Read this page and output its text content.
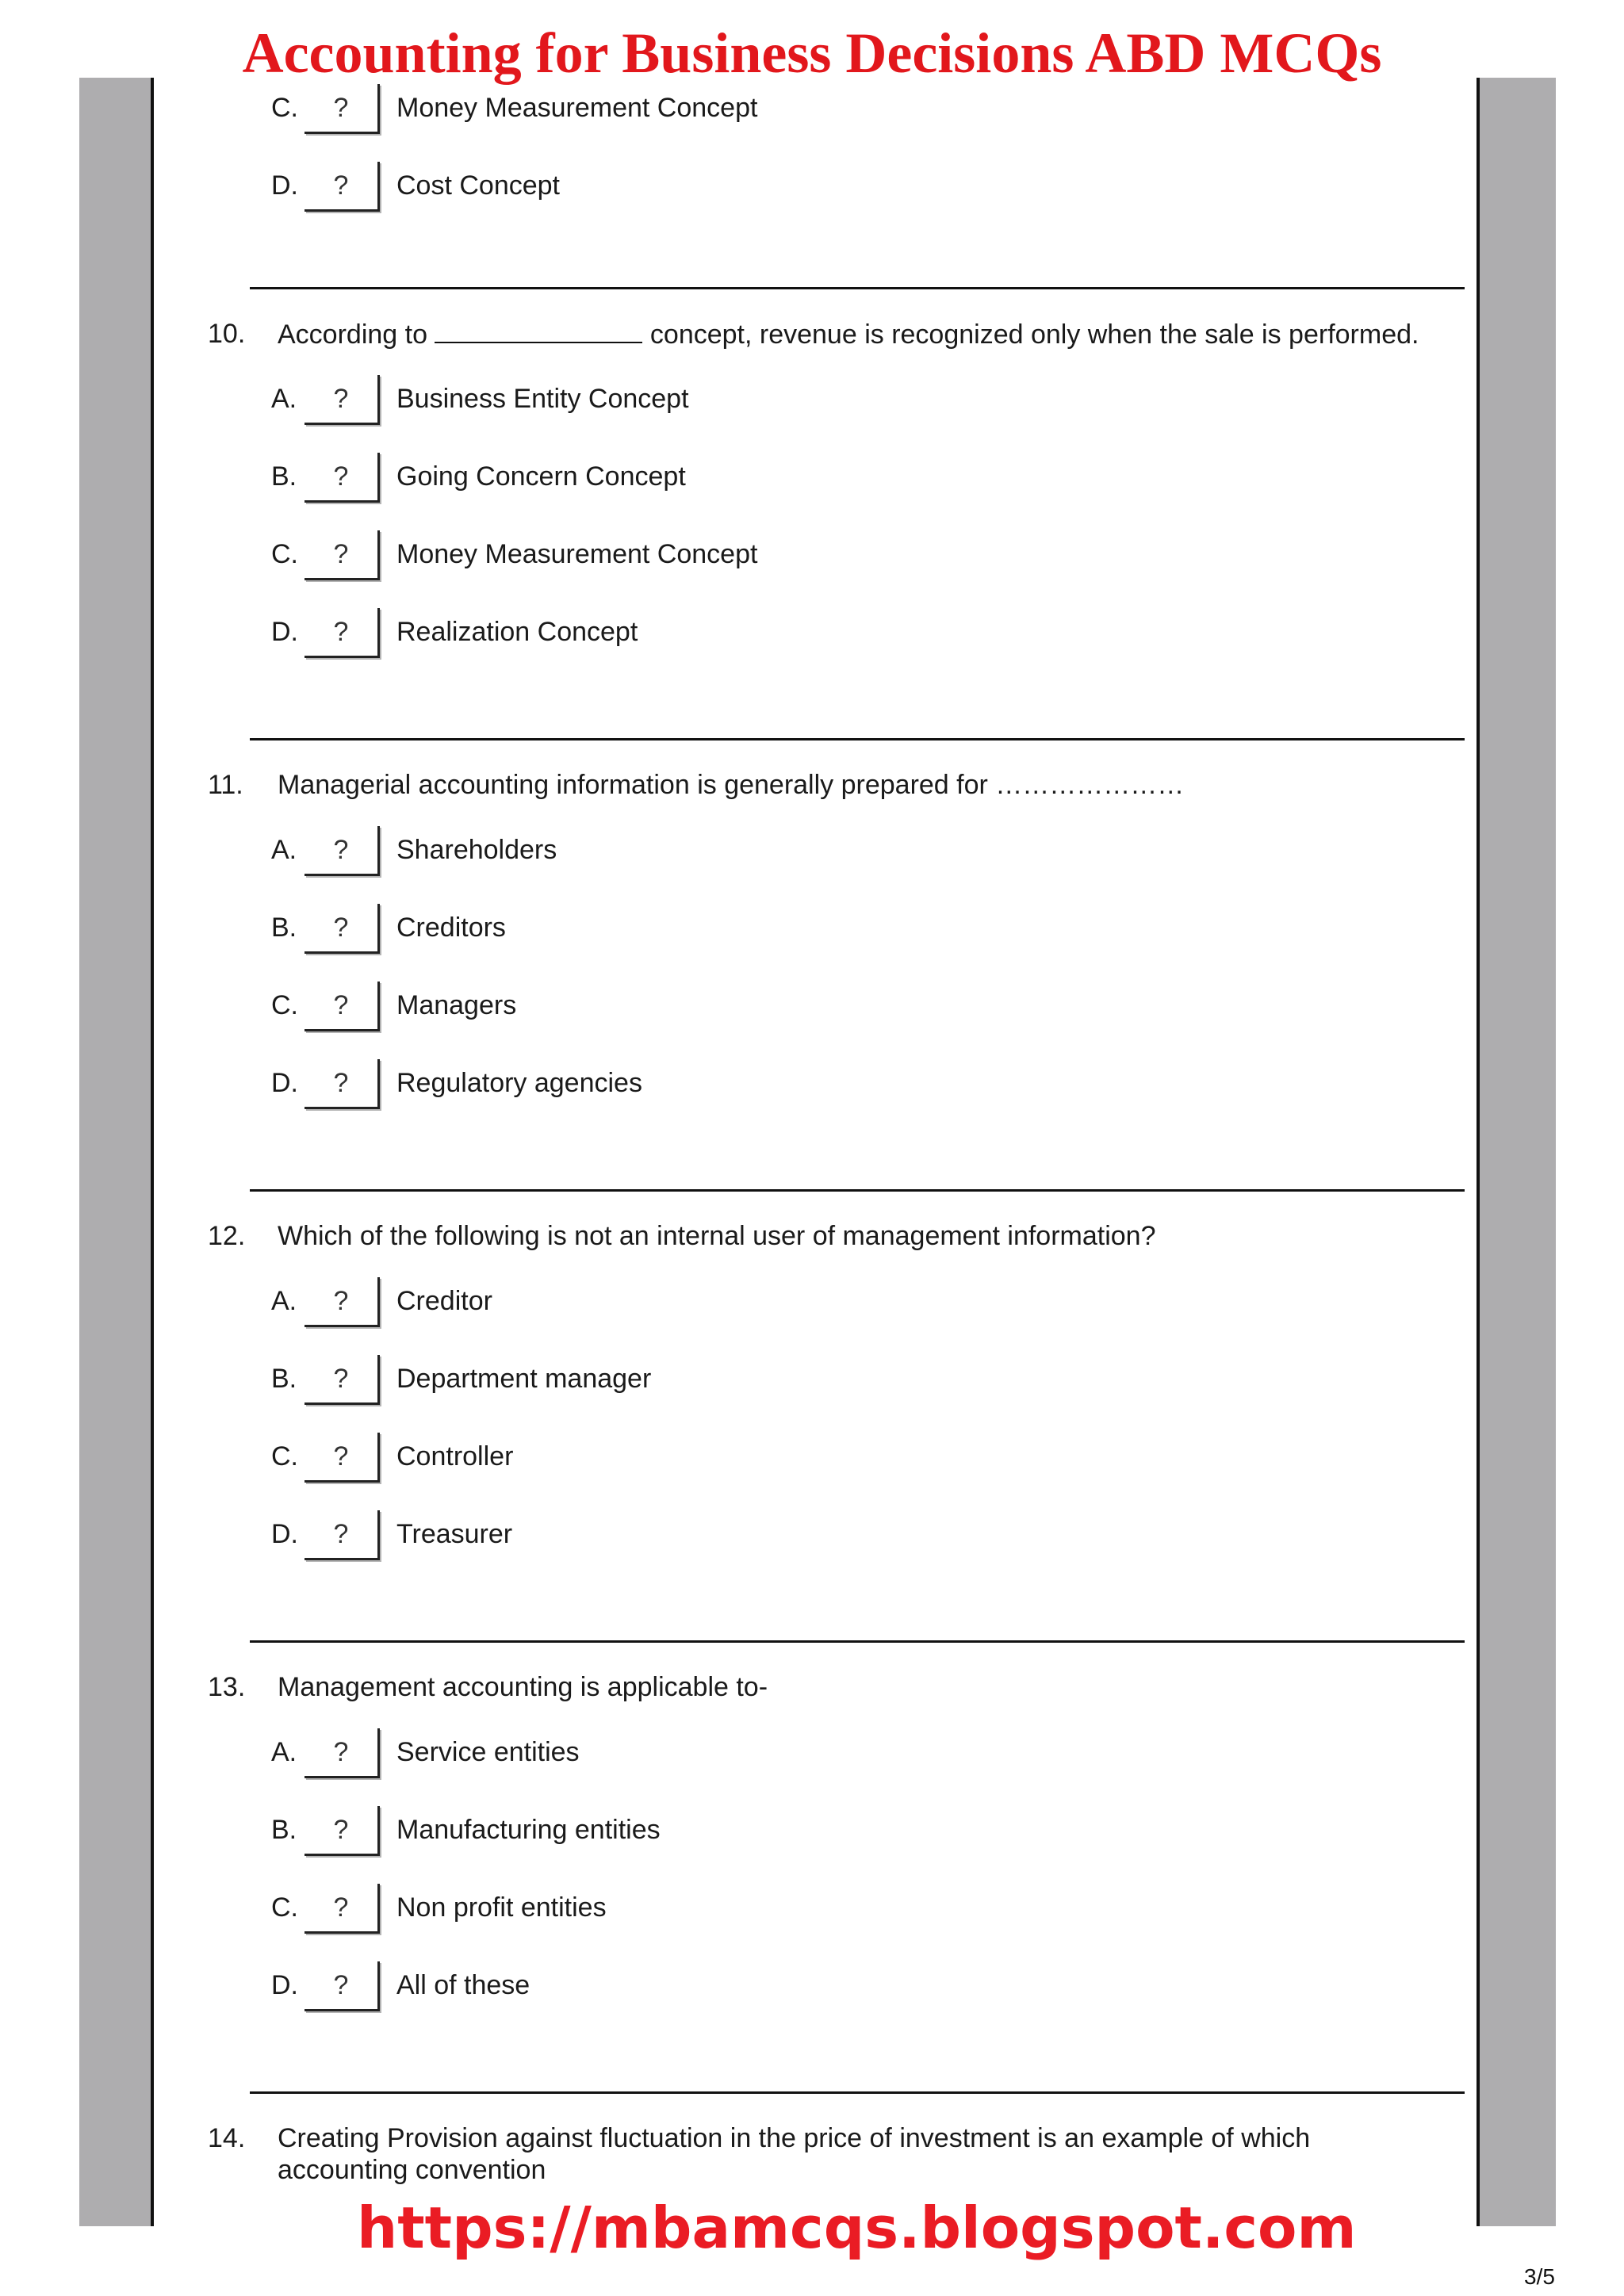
C.	?	Money Measurement Concept
D.	?	Cost Concept
10. According to	concept, revenue is recognized only when the sale is performed.
A.	?	Business Entity Concept
B.	?	Going Concern Concept
C.	?	Money Measurement Concept
D.	?	Realization Concept
11. Managerial accounting information is generally prepared for …………………
A.	?	Shareholders
B.	?	Creditors
C.	?	Managers
D.	?	Regulatory agencies
12. Which of the following is not an internal user of management information?
A.	?	Creditor
B.	?	Department manager
C.	?	Controller
D.	?	Treasurer
13. Management accounting is applicable to-
A.	?	Service entities
B.	?	Manufacturing entities
C.	?	Non profit entities
D.	?	All of these
14. Creating Provision against fluctuation in the price of investment is an example of which accounting convention
Accounting for Business Decisions ABD MCQs
https://mbamcqs.blogspot.com
3/5
